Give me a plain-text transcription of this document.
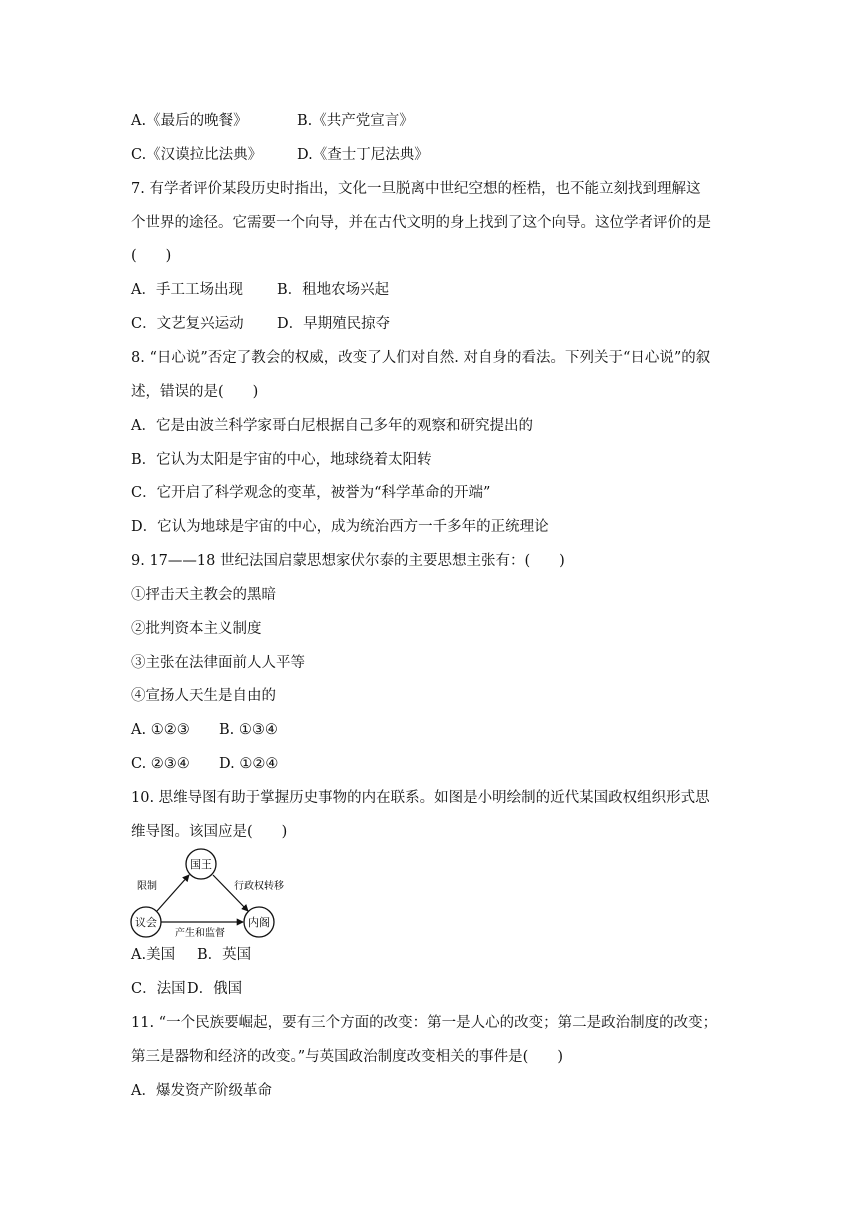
A.《最后的晚餐》	B.《共产党宣言》
C.《汉谟拉比法典》 D.《查士丁尼法典》
7. 有学者评价某段历史时指出，文化一旦脱离中世纪空想的桎梏，也不能立刻找到理解这
个世界的途径。它需要一个向导，并在古代文明的身上找到了这个向导。这位学者评价的是
(　　)
A．手工工场出现 B．租地农场兴起
C．文艺复兴运动 D．早期殖民掠夺
8. “日心说”否定了教会的权威，改变了人们对自然. 对自身的看法。下列关于“日心说”的叙
述，错误的是(　　)
A．它是由波兰科学家哥白尼根据自己多年的观察和研究提出的
B．它认为太阳是宇宙的中心，地球绕着太阳转
C．它开启了科学观念的变革，被誉为“科学革命的开端”
D．它认为地球是宇宙的中心，成为统治西方一千多年的正统理论
9. 17——18 世纪法国启蒙思想家伏尔泰的主要思想主张有：(　　)
①抨击天主教会的黑暗
②批判资本主义制度
③主张在法律面前人人平等
④宣扬人天生是自由的
A. ①②③ B. ①③④
C. ②③④ D. ①②④
10. 思维导图有助于掌握历史事物的内在联系。如图是小明绘制的近代某国政权组织形式思
维导图。该国应是(　　)
国王
议会	内阁
限制	行政权转移
产生和监督
A.美国 B．英国
C．法国D．俄国
11. “一个民族要崛起，要有三个方面的改变：第一是人心的改变；第二是政治制度的改变；
第三是器物和经济的改变。”与英国政治制度改变相关的事件是(　　)
A．爆发资产阶级革命
